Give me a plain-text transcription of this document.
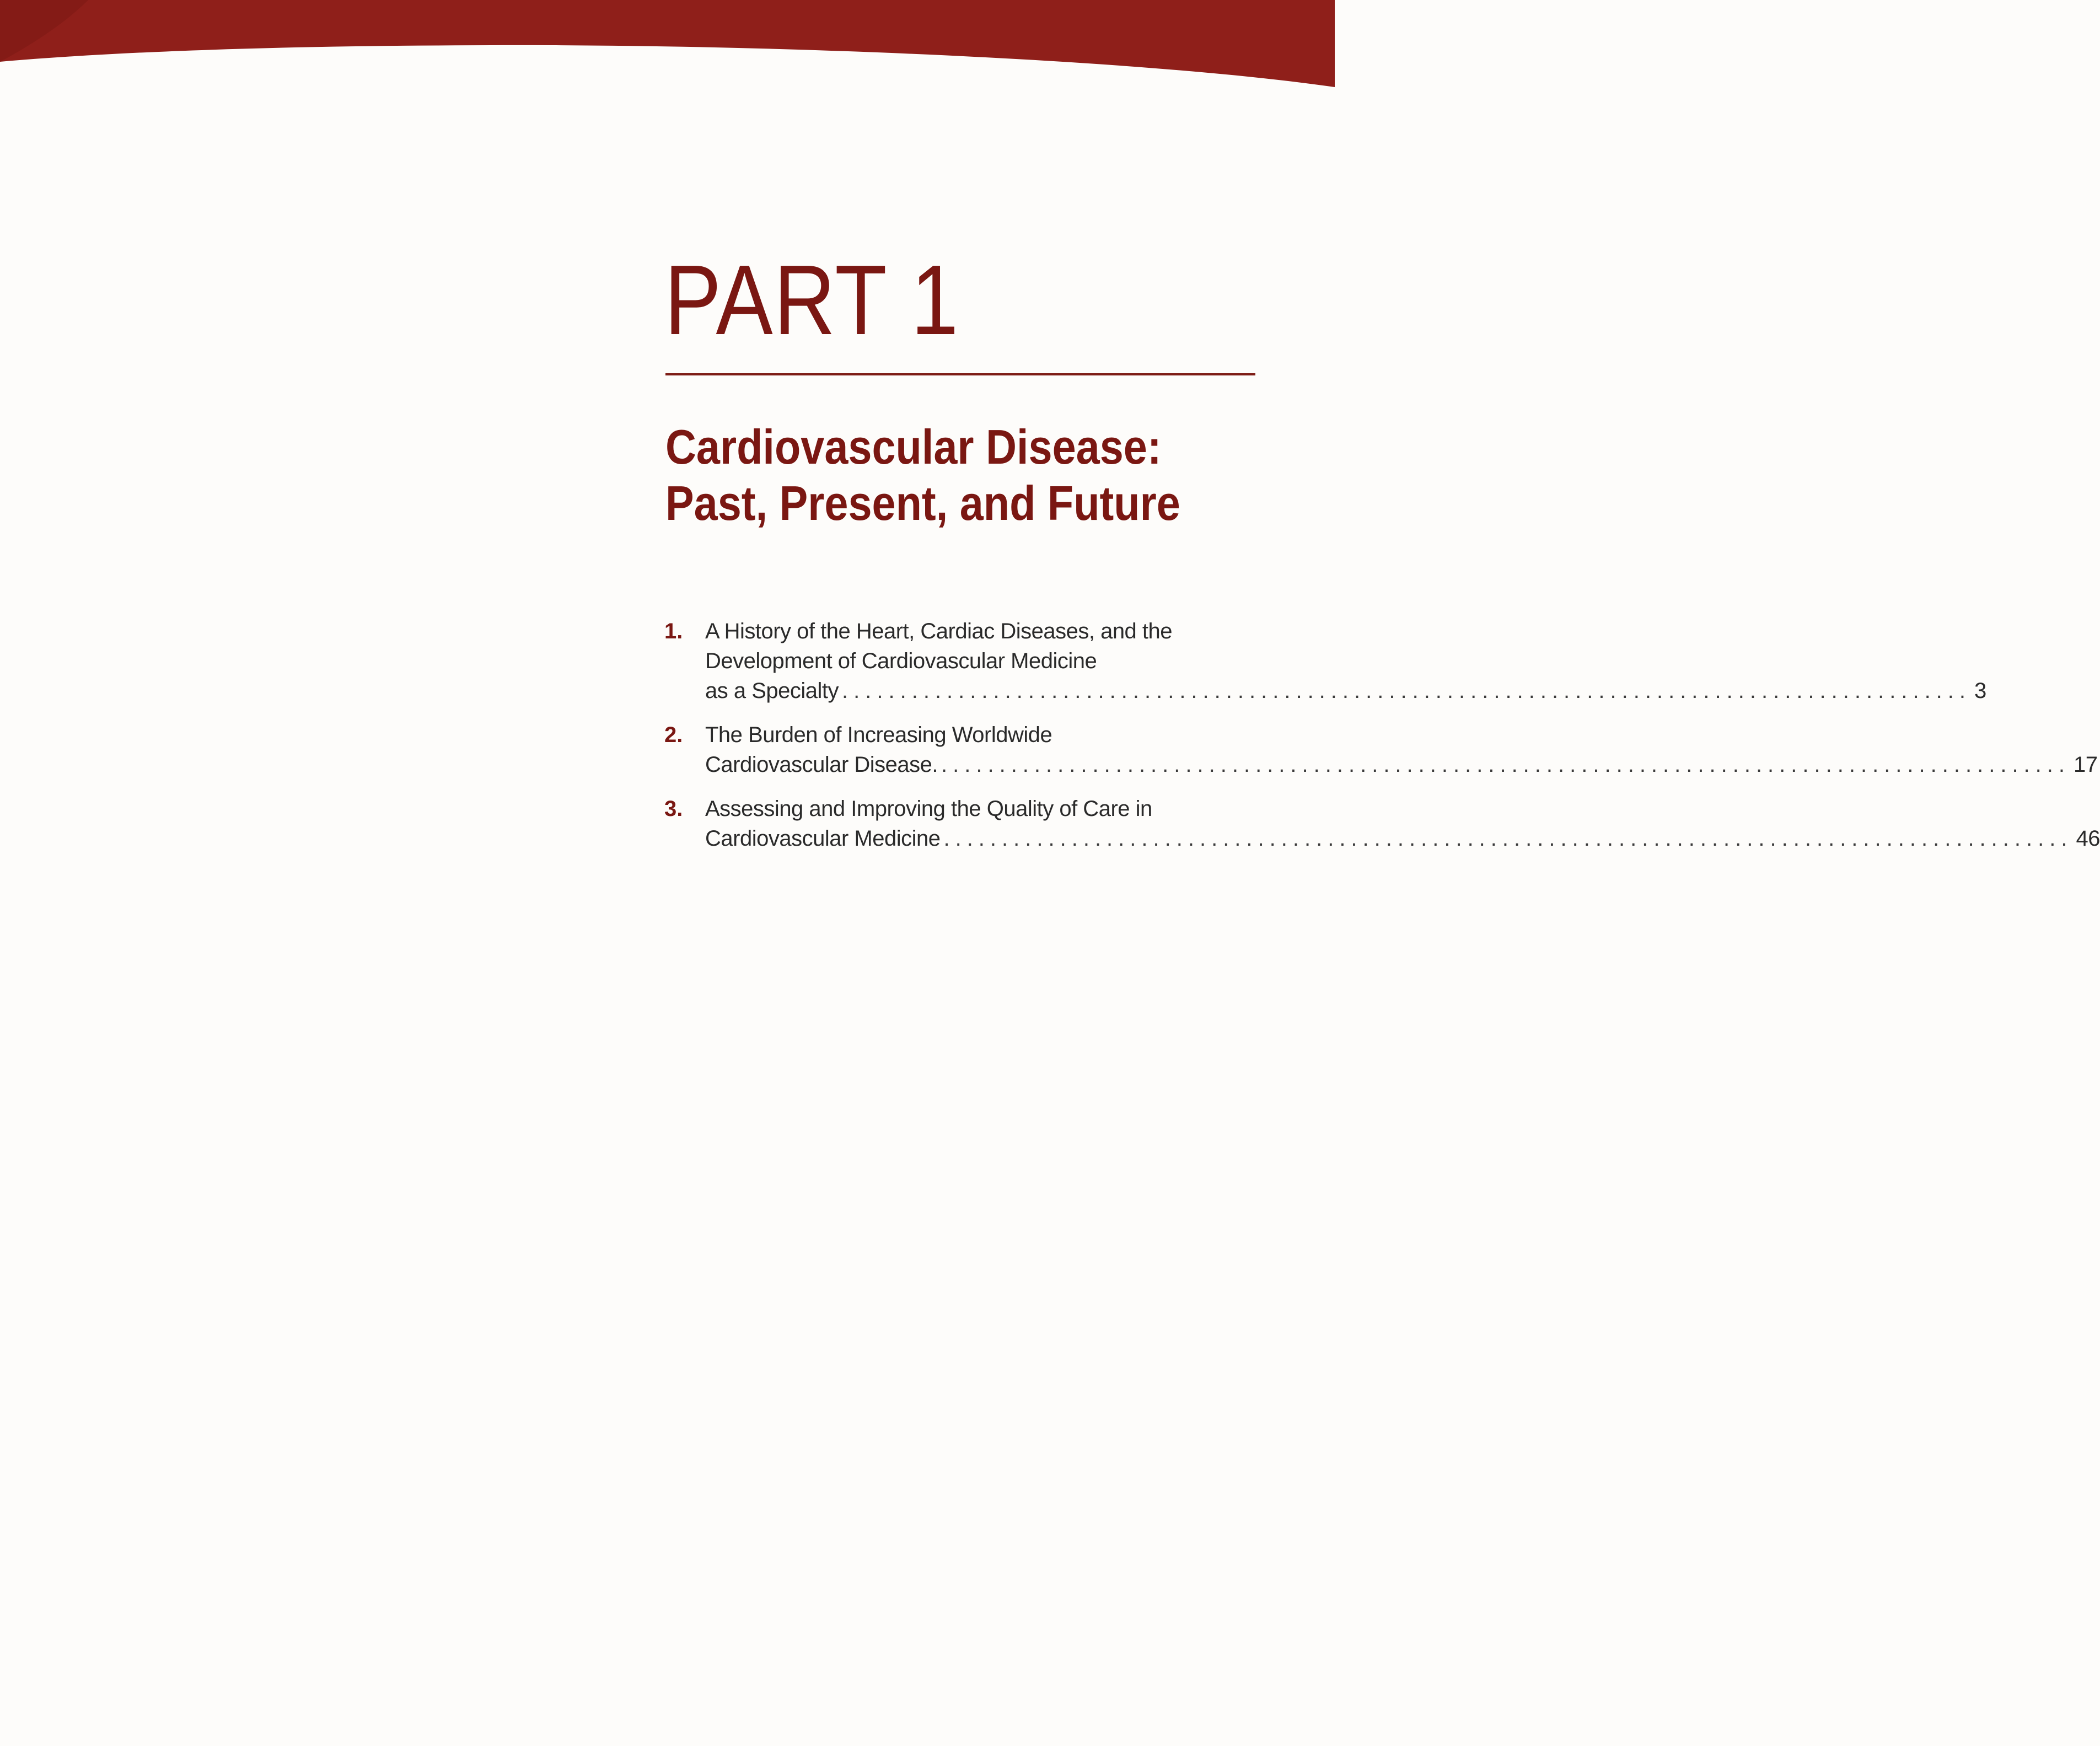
PART 1
Cardiovascular Disease:
Past, Present, and Future
1. A History of the Heart, Cardiac Diseases, and the
Development of Cardiovascular Medicine
as a Specialty ................................................................................................. 3
2. The Burden of Increasing Worldwide
Cardiovascular Disease. ................................................................................................. 17
3. Assessing and Improving the Quality of Care in
Cardiovascular Medicine ................................................................................................. 46
